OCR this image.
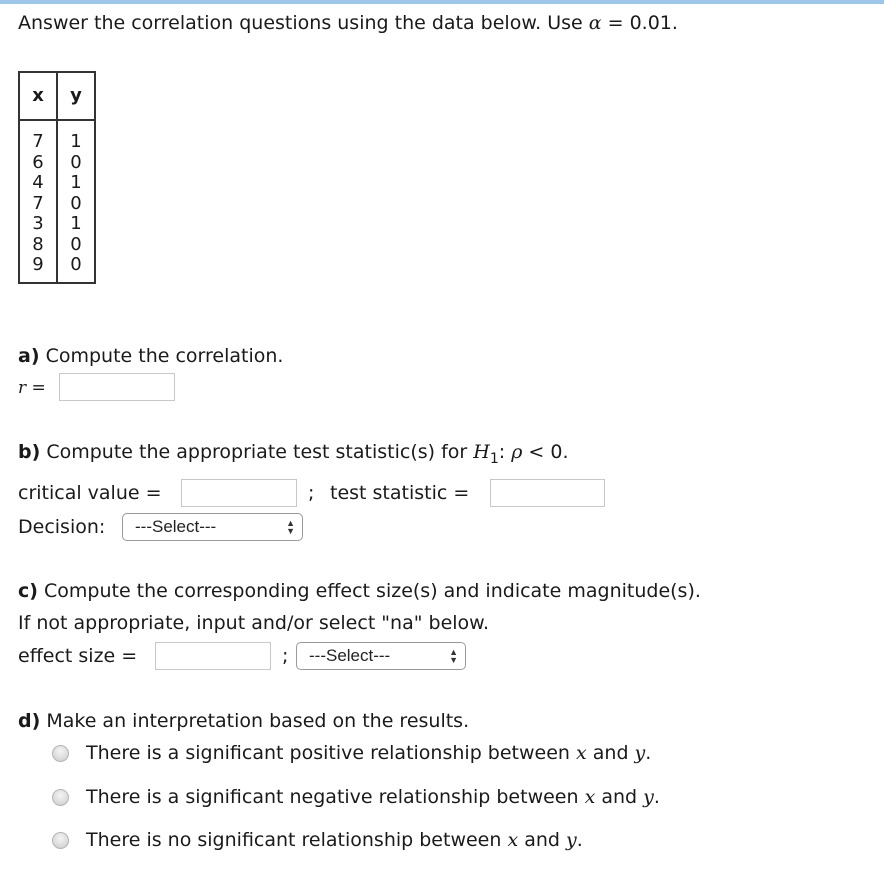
Answer the correlation questions using the data below. Use α = 0.01.
x	y
7	1
6	0
4	1
7	0
3	1
8	0
9	0
a) Compute the correlation.
r =
b) Compute the appropriate test statistic(s) for $H_1$: ρ < 0.
critical value =	; test statistic =
Decision:	---Select---	▲
▼
c) Compute the corresponding effect size(s) and indicate magnitude(s).
If not appropriate, input and/or select "na" below.
effect size =	;	---Select---	▲
▼
d) Make an interpretation based on the results.
There is a significant positive relationship between x and y.
There is a significant negative relationship between x and y.
There is no significant relationship between x and y.
